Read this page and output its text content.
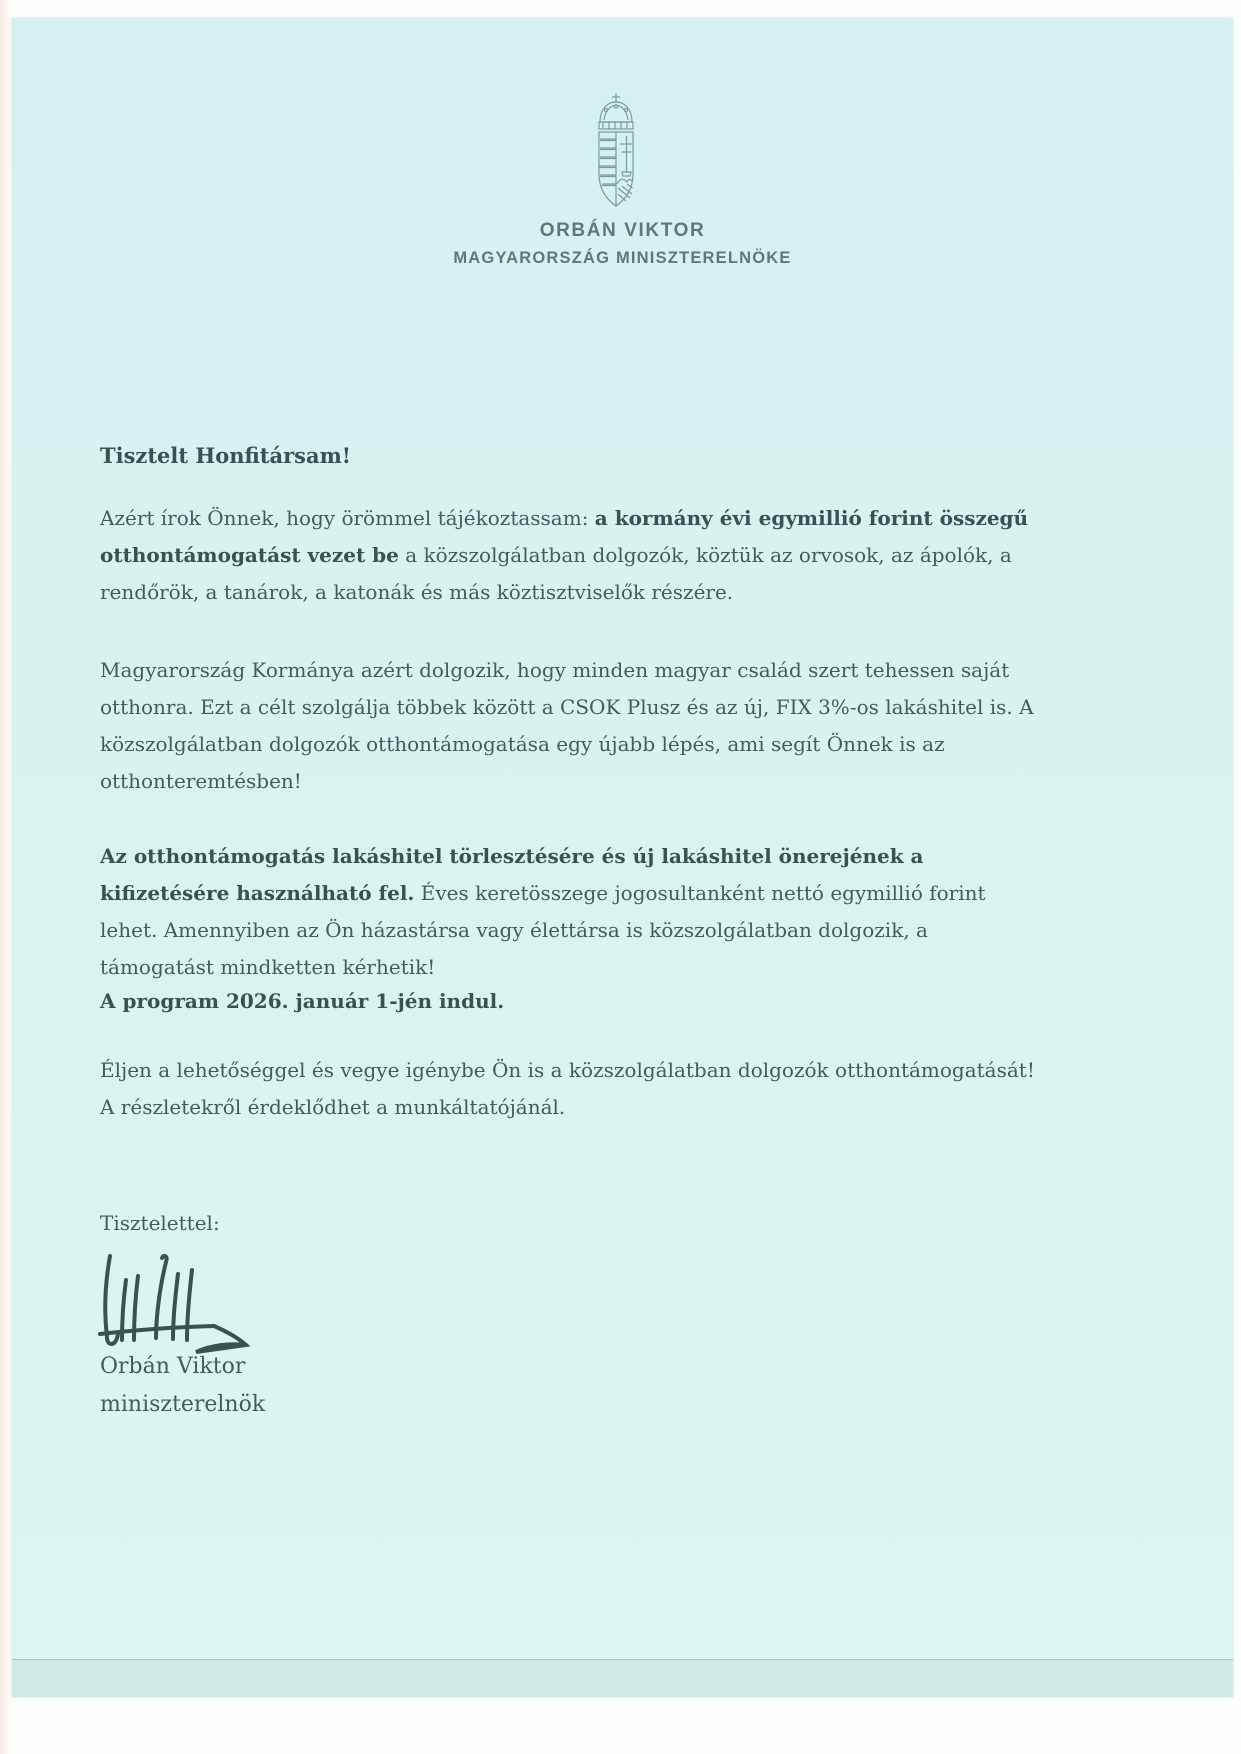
ORBÁN VIKTOR
MAGYARORSZÁG MINISZTERELNÖKE
Tisztelt Honfitársam!
Azért írok Önnek, hogy örömmel tájékoztassam: a kormány évi egymillió forint összegű otthontámogatást vezet be a közszolgálatban dolgozók, köztük az orvosok, az ápolók, a rendőrök, a tanárok, a katonák és más köztisztviselők részére.
Magyarország Kormánya azért dolgozik, hogy minden magyar család szert tehessen saját otthonra. Ezt a célt szolgálja többek között a CSOK Plusz és az új, FIX 3%-os lakáshitel is. A közszolgálatban dolgozók otthontámogatása egy újabb lépés, ami segít Önnek is az otthonteremtésben!
Az otthontámogatás lakáshitel törlesztésére és új lakáshitel önerejének a kifizetésére használható fel. Éves keretösszege jogosultanként nettó egymillió forint lehet. Amennyiben az Ön házastársa vagy élettársa is közszolgálatban dolgozik, a támogatást mindketten kérhetik!
A program 2026. január 1-jén indul.
Éljen a lehetőséggel és vegye igénybe Ön is a közszolgálatban dolgozók otthontámogatását! A részletekről érdeklődhet a munkáltatójánál.
Tisztelettel:
Orbán Viktor
miniszterelnök
